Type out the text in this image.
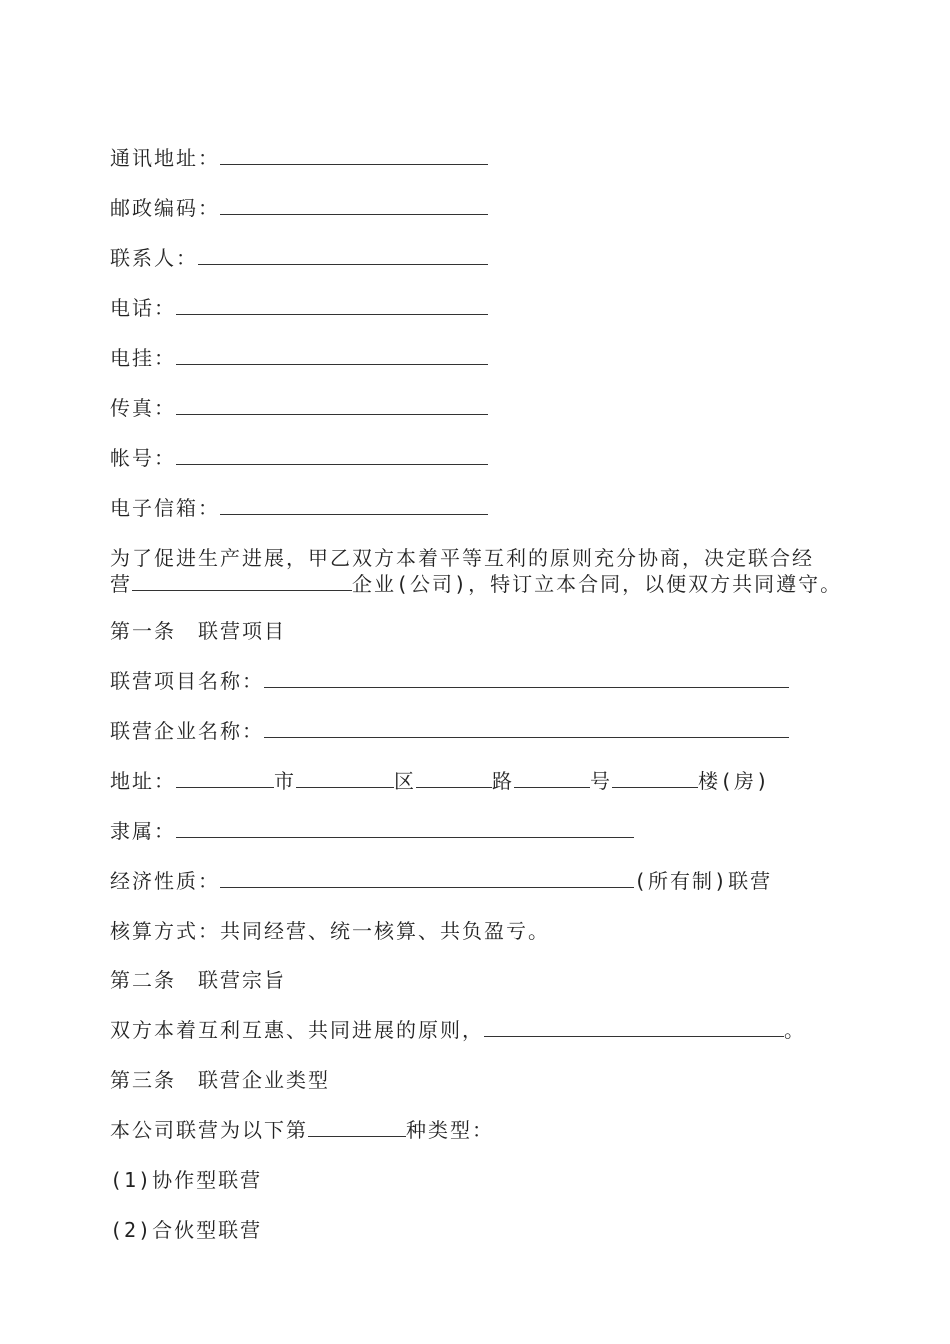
通讯地址：
邮政编码：
联系人：
电话：
电挂：
传真：
帐号：
电子信箱：
为了促进生产进展，甲乙双方本着平等互利的原则充分协商，决定联合经
营	企业(公司)，特订立本合同，以便双方共同遵守。
第一条　联营项目
联营项目名称：
联营企业名称：
地址：	市	区	路	号	楼(房)
隶属：
经济性质：	(所有制)联营
核算方式：共同经营、统一核算、共负盈亏。
第二条　联营宗旨
双方本着互利互惠、共同进展的原则，	。
第三条　联营企业类型
本公司联营为以下第	种类型：
(1)协作型联营
(2)合伙型联营
